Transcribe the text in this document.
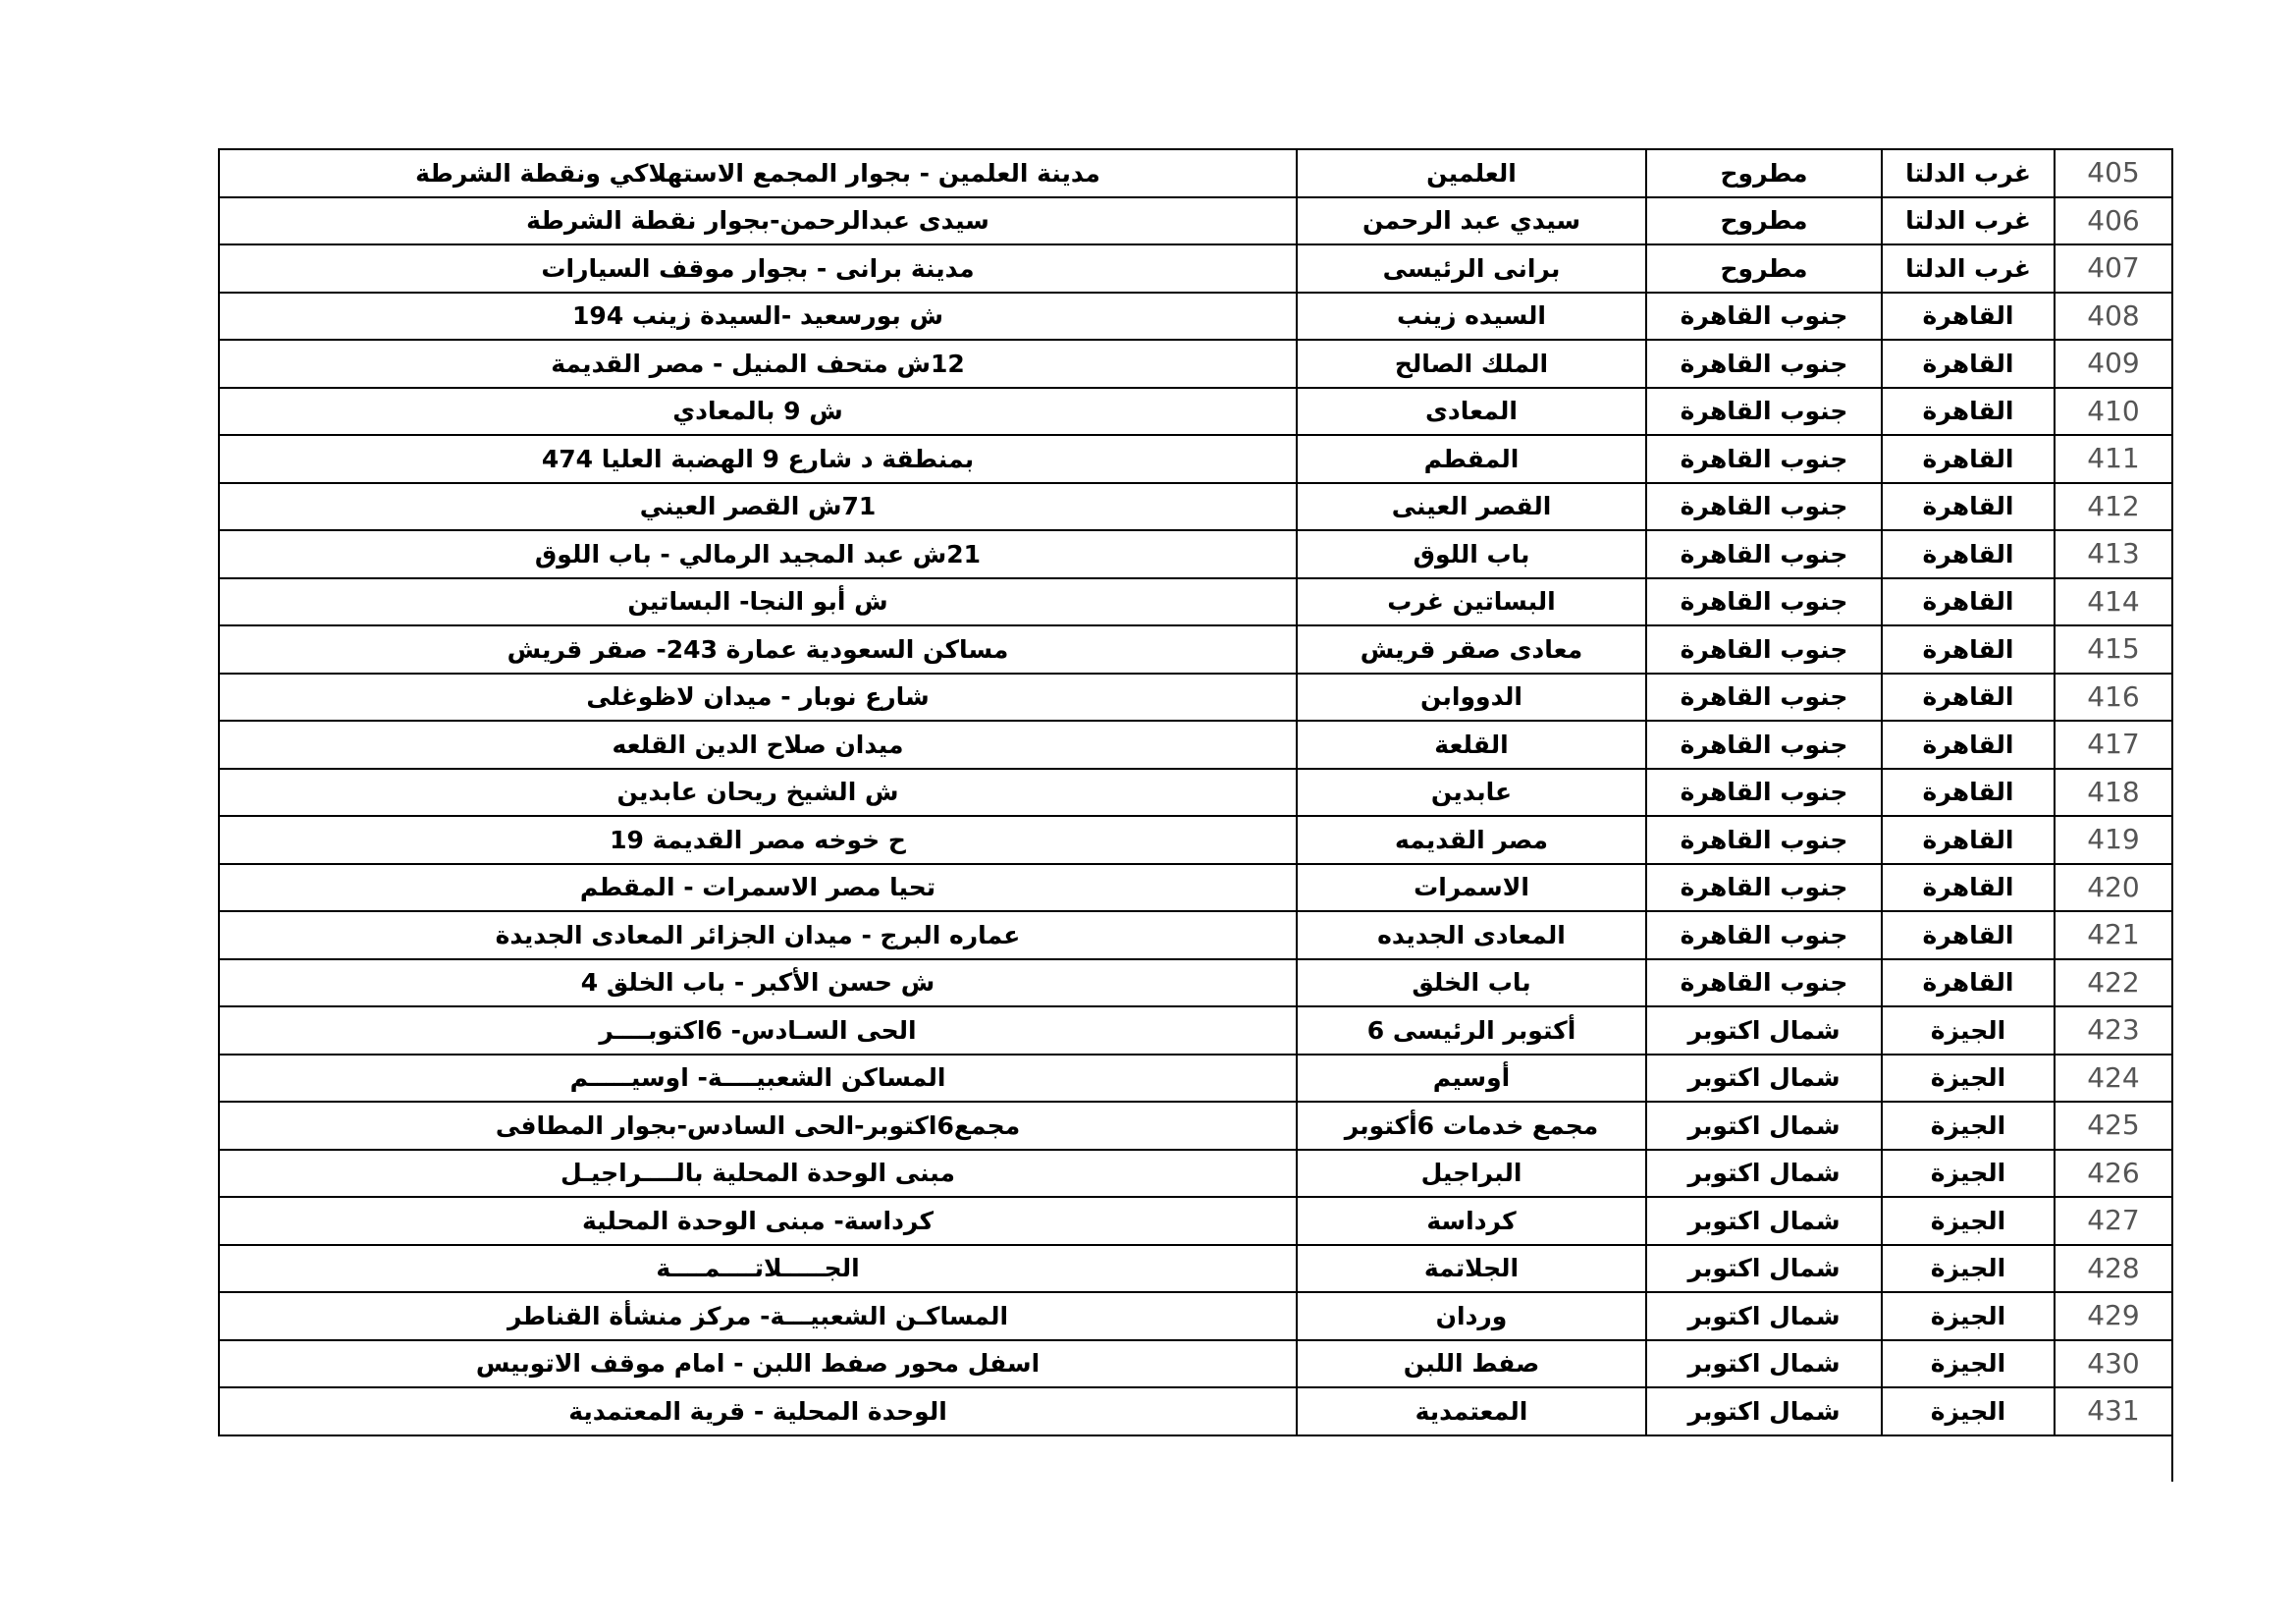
405	غرب الدلتا	مطروح	العلمين	مدينة العلمين - بجوار المجمع الاستهلاكي ونقطة الشرطة
406	غرب الدلتا	مطروح	سيدي عبد الرحمن	سيدى عبدالرحمن-بجوار نقطة الشرطة
407	غرب الدلتا	مطروح	برانى الرئيسى	مدينة برانى - بجوار موقف السيارات
408	القاهرة	جنوب القاهرة	السيده زينب	ش بورسعيد -السيدة زينب 194
409	القاهرة	جنوب القاهرة	الملك الصالح	12ش متحف المنيل - مصر القديمة
410	القاهرة	جنوب القاهرة	المعادى	ش 9 بالمعادي
411	القاهرة	جنوب القاهرة	المقطم	بمنطقة د شارع 9 الهضبة العليا 474
412	القاهرة	جنوب القاهرة	القصر العينى	71ش القصر العيني
413	القاهرة	جنوب القاهرة	باب اللوق	21ش عبد المجيد الرمالي - باب اللوق
414	القاهرة	جنوب القاهرة	البساتين غرب	ش أبو النجا- البساتين
415	القاهرة	جنوب القاهرة	معادى صقر قريش	مساكن السعودية عمارة 243- صقر قريش
416	القاهرة	جنوب القاهرة	الدووابن	شارع نوبار - ميدان لاظوغلى
417	القاهرة	جنوب القاهرة	القلعة	ميدان صلاح الدين القلعه
418	القاهرة	جنوب القاهرة	عابدين	ش الشيخ ريحان عابدين
419	القاهرة	جنوب القاهرة	مصر القديمه	ح خوخه مصر القديمة 19
420	القاهرة	جنوب القاهرة	الاسمرات	تحيا مصر الاسمرات - المقطم
421	القاهرة	جنوب القاهرة	المعادى الجديده	عماره البرج - ميدان الجزائر المعادى الجديدة
422	القاهرة	جنوب القاهرة	باب الخلق	ش حسن الأكبر - باب الخلق 4
423	الجيزة	شمال اكتوبر	أكتوبر الرئيسى 6	الحى السـادس- 6اكتوبــــر
424	الجيزة	شمال اكتوبر	أوسيم	المساكن الشعبيــــة- اوسيـــــم
425	الجيزة	شمال اكتوبر	مجمع خدمات 6أكتوبر	مجمع6اكتوبر-الحى السادس-بجوار المطافى
426	الجيزة	شمال اكتوبر	البراجيل	مبنى الوحدة المحلية بالــــراجيـل
427	الجيزة	شمال اكتوبر	كرداسة	كرداسة- مبنى الوحدة المحلية
428	الجيزة	شمال اكتوبر	الجلاتمة	الجـــــلاتــــمــــة
429	الجيزة	شمال اكتوبر	وردان	المساكـن الشعبيـــة- مركز منشأة القناطر
430	الجيزة	شمال اكتوبر	صفط اللبن	اسفل محور صفط اللبن - امام موقف الاتوبيس
431	الجيزة	شمال اكتوبر	المعتمدية	الوحدة المحلية - قرية المعتمدية
